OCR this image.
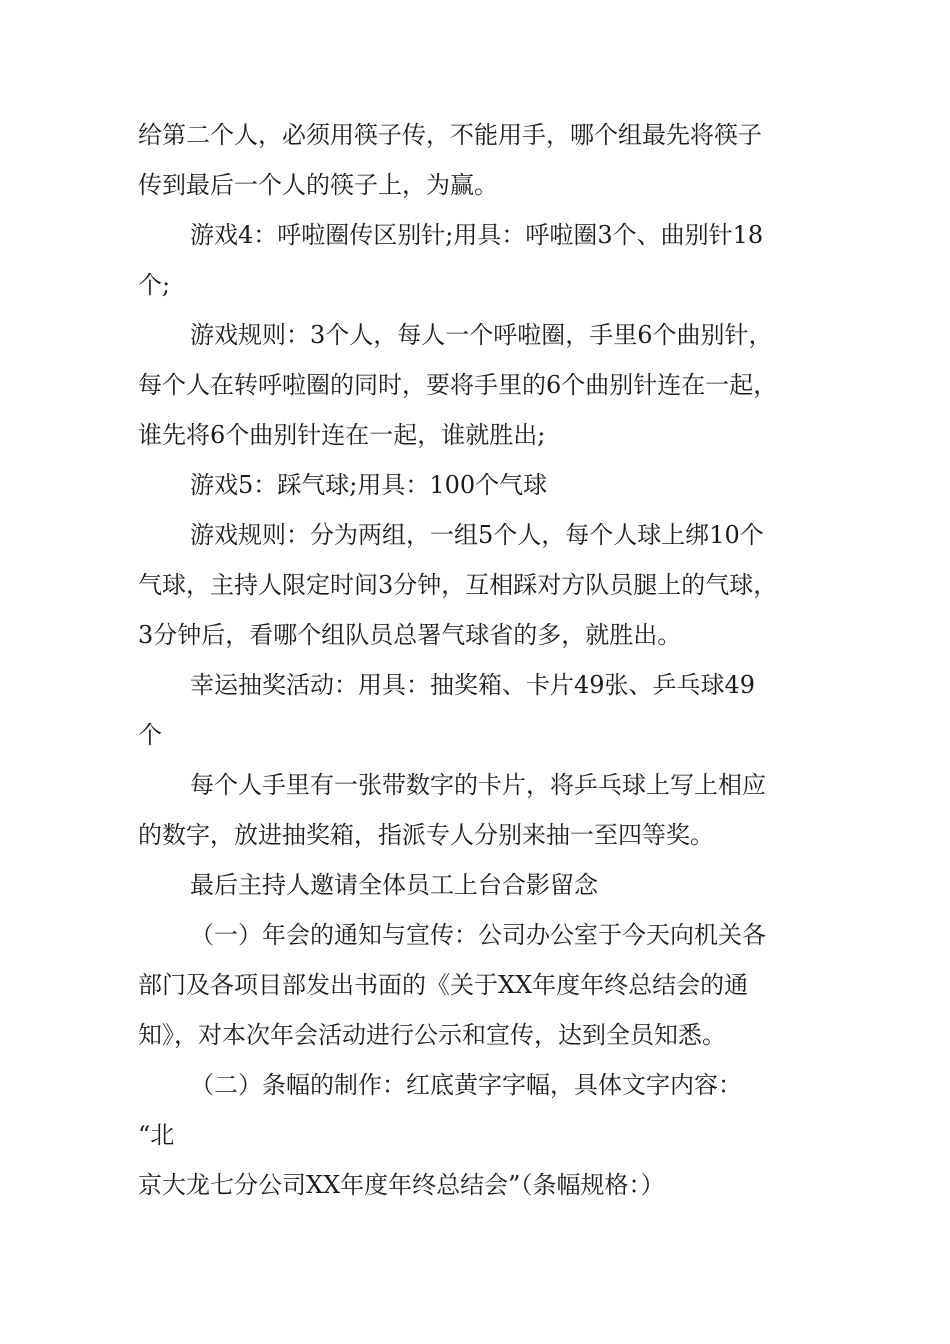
给第二个人，必须用筷子传，不能用手，哪个组最先将筷子
传到最后一个人的筷子上，为赢。
游戏4：呼啦圈传区别针;用具：呼啦圈3个、曲别针18
个;
游戏规则：3个人，每人一个呼啦圈，手里6个曲别针，
每个人在转呼啦圈的同时，要将手里的6个曲别针连在一起，
谁先将6个曲别针连在一起，谁就胜出;
游戏5：踩气球;用具：100个气球
游戏规则：分为两组，一组5个人，每个人球上绑10个
气球，主持人限定时间3分钟，互相踩对方队员腿上的气球，
3分钟后，看哪个组队员总署气球省的多，就胜出。
幸运抽奖活动：用具：抽奖箱、卡片49张、乒乓球49
个
每个人手里有一张带数字的卡片，将乒乓球上写上相应
的数字，放进抽奖箱，指派专人分别来抽一至四等奖。
最后主持人邀请全体员工上台合影留念
（一）年会的通知与宣传：公司办公室于今天向机关各
部门及各项目部发出书面的《关于XX年度年终总结会的通
知》，对本次年会活动进行公示和宣传，达到全员知悉。
（二）条幅的制作：红底黄字字幅，具体文字内容：
“北
京大龙七分公司XX年度年终总结会”（条幅规格：）
